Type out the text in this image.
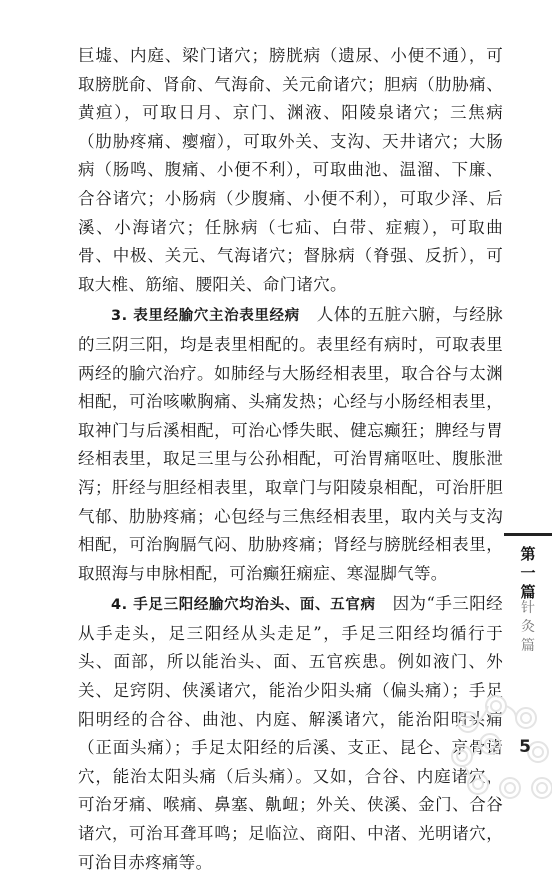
巨墟、内庭、梁门诸穴；膀胱病（遗尿、小便不通），可取膀胱俞、肾俞、气海俞、关元俞诸穴；胆病（肋胁痛、黄疸），可取日月、京门、渊液、阳陵泉诸穴；三焦病（肋胁疼痛、瘿瘤），可取外关、支沟、天井诸穴；大肠病（肠鸣、腹痛、小便不利），可取曲池、温溜、下廉、合谷诸穴；小肠病（少腹痛、小便不利），可取少泽、后溪、小海诸穴；任脉病（七疝、白带、症瘕），可取曲骨、中极、关元、气海诸穴；督脉病（脊强、反折），可取大椎、筋缩、腰阳关、命门诸穴。

3. 表里经腧穴主治表里经病　 人体的五脏六腑，与经脉的三阴三阳，均是表里相配的。表里经有病时，可取表里两经的腧穴治疗。如肺经与大肠经相表里，取合谷与太渊相配，可治咳嗽胸痛、头痛发热；心经与小肠经相表里，取神门与后溪相配，可治心悸失眠、健忘癫狂；脾经与胃经相表里，取足三里与公孙相配，可治胃痛呕吐、腹胀泄泻；肝经与胆经相表里，取章门与阳陵泉相配，可治肝胆气郁、肋胁疼痛；心包经与三焦经相表里，取内关与支沟相配，可治胸膈气闷、肋胁疼痛；肾经与膀胱经相表里，取照海与申脉相配，可治癫狂痫症、寒湿脚气等。

4. 手足三阳经腧穴均治头、面、五官病　 因为“手三阳经从手走头，足三阳经从头走足”，手足三阳经均循行于头、面部，所以能治头、面、五官疾患。例如液门、外关、足窍阴、侠溪诸穴，能治少阳头痛（偏头痛）；手足阳明经的合谷、曲池、内庭、解溪诸穴，能治阳明头痛（正面头痛）；手足太阳经的后溪、支正、昆仑、京骨诸穴，能治太阳头痛（后头痛）。又如，合谷、内庭诸穴，可治牙痛、喉痛、鼻塞、鼽衄；外关、侠溪、金门、合谷诸穴，可治耳聋耳鸣；足临泣、商阳、中渚、光明诸穴，可治目赤疼痛等。

第
一
篇
针
灸
篇
5
